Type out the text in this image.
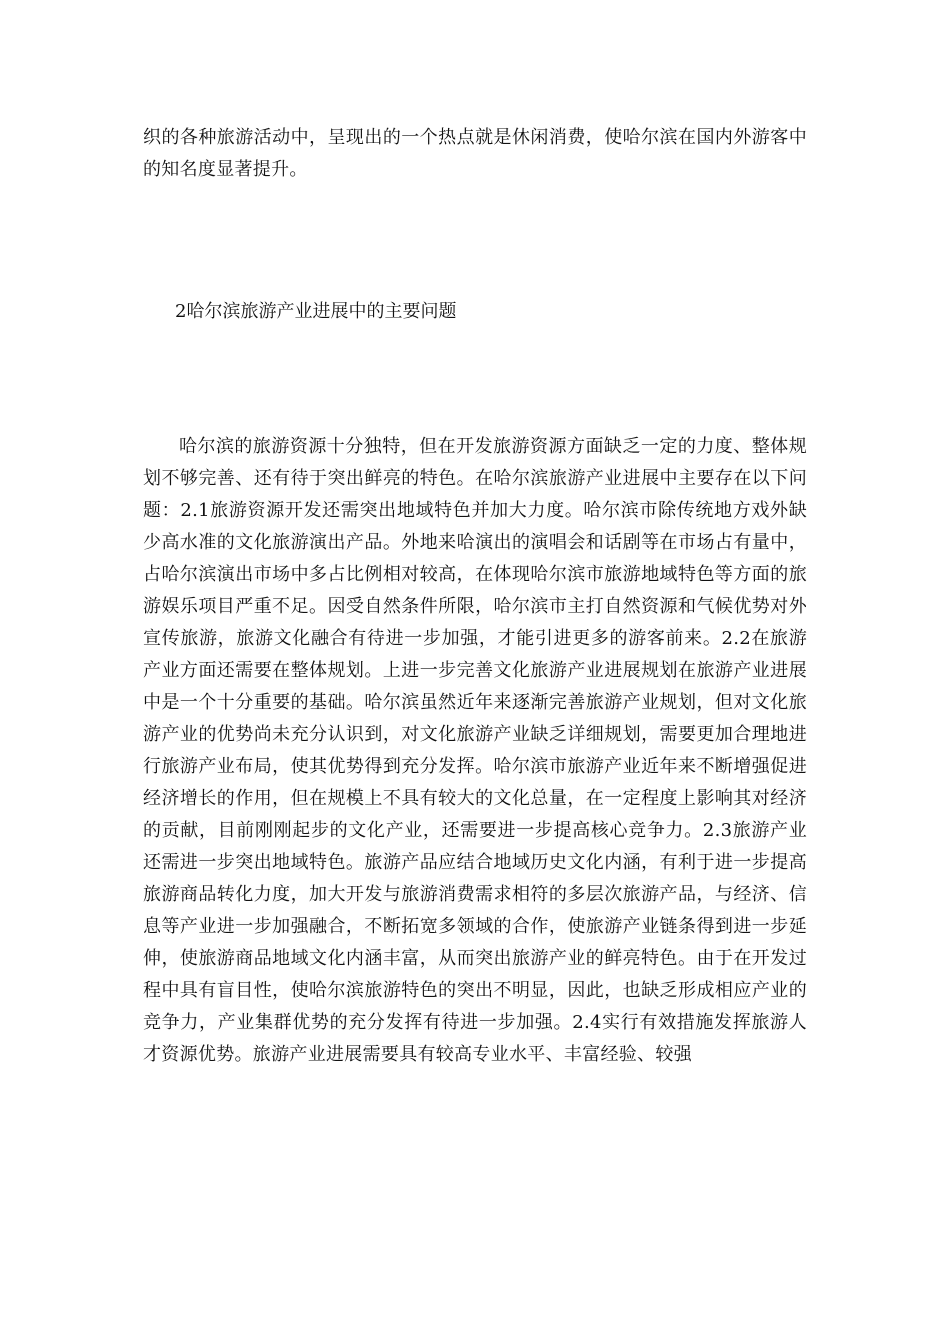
织的各种旅游活动中，呈现出的一个热点就是休闲消费，使哈尔滨在国内外游客中的知名度显著提升。

2哈尔滨旅游产业进展中的主要问题

哈尔滨的旅游资源十分独特，但在开发旅游资源方面缺乏一定的力度、整体规划不够完善、还有待于突出鲜亮的特色。在哈尔滨旅游产业进展中主要存在以下问题：2.1旅游资源开发还需突出地域特色并加大力度。哈尔滨市除传统地方戏外缺少高水准的文化旅游演出产品。外地来哈演出的演唱会和话剧等在市场占有量中，占哈尔滨演出市场中多占比例相对较高，在体现哈尔滨市旅游地域特色等方面的旅游娱乐项目严重不足。因受自然条件所限，哈尔滨市主打自然资源和气候优势对外宣传旅游，旅游文化融合有待进一步加强，才能引进更多的游客前来。2.2在旅游产业方面还需要在整体规划。上进一步完善文化旅游产业进展规划在旅游产业进展中是一个十分重要的基础。哈尔滨虽然近年来逐渐完善旅游产业规划，但对文化旅游产业的优势尚未充分认识到，对文化旅游产业缺乏详细规划，需要更加合理地进行旅游产业布局，使其优势得到充分发挥。哈尔滨市旅游产业近年来不断增强促进经济增长的作用，但在规模上不具有较大的文化总量，在一定程度上影响其对经济的贡献，目前刚刚起步的文化产业，还需要进一步提高核心竞争力。2.3旅游产业还需进一步突出地域特色。旅游产品应结合地域历史文化内涵，有利于进一步提高旅游商品转化力度，加大开发与旅游消费需求相符的多层次旅游产品，与经济、信息等产业进一步加强融合，不断拓宽多领域的合作，使旅游产业链条得到进一步延伸，使旅游商品地域文化内涵丰富，从而突出旅游产业的鲜亮特色。由于在开发过程中具有盲目性，使哈尔滨旅游特色的突出不明显，因此，也缺乏形成相应产业的竞争力，产业集群优势的充分发挥有待进一步加强。2.4实行有效措施发挥旅游人才资源优势。旅游产业进展需要具有较高专业水平、丰富经验、较强
